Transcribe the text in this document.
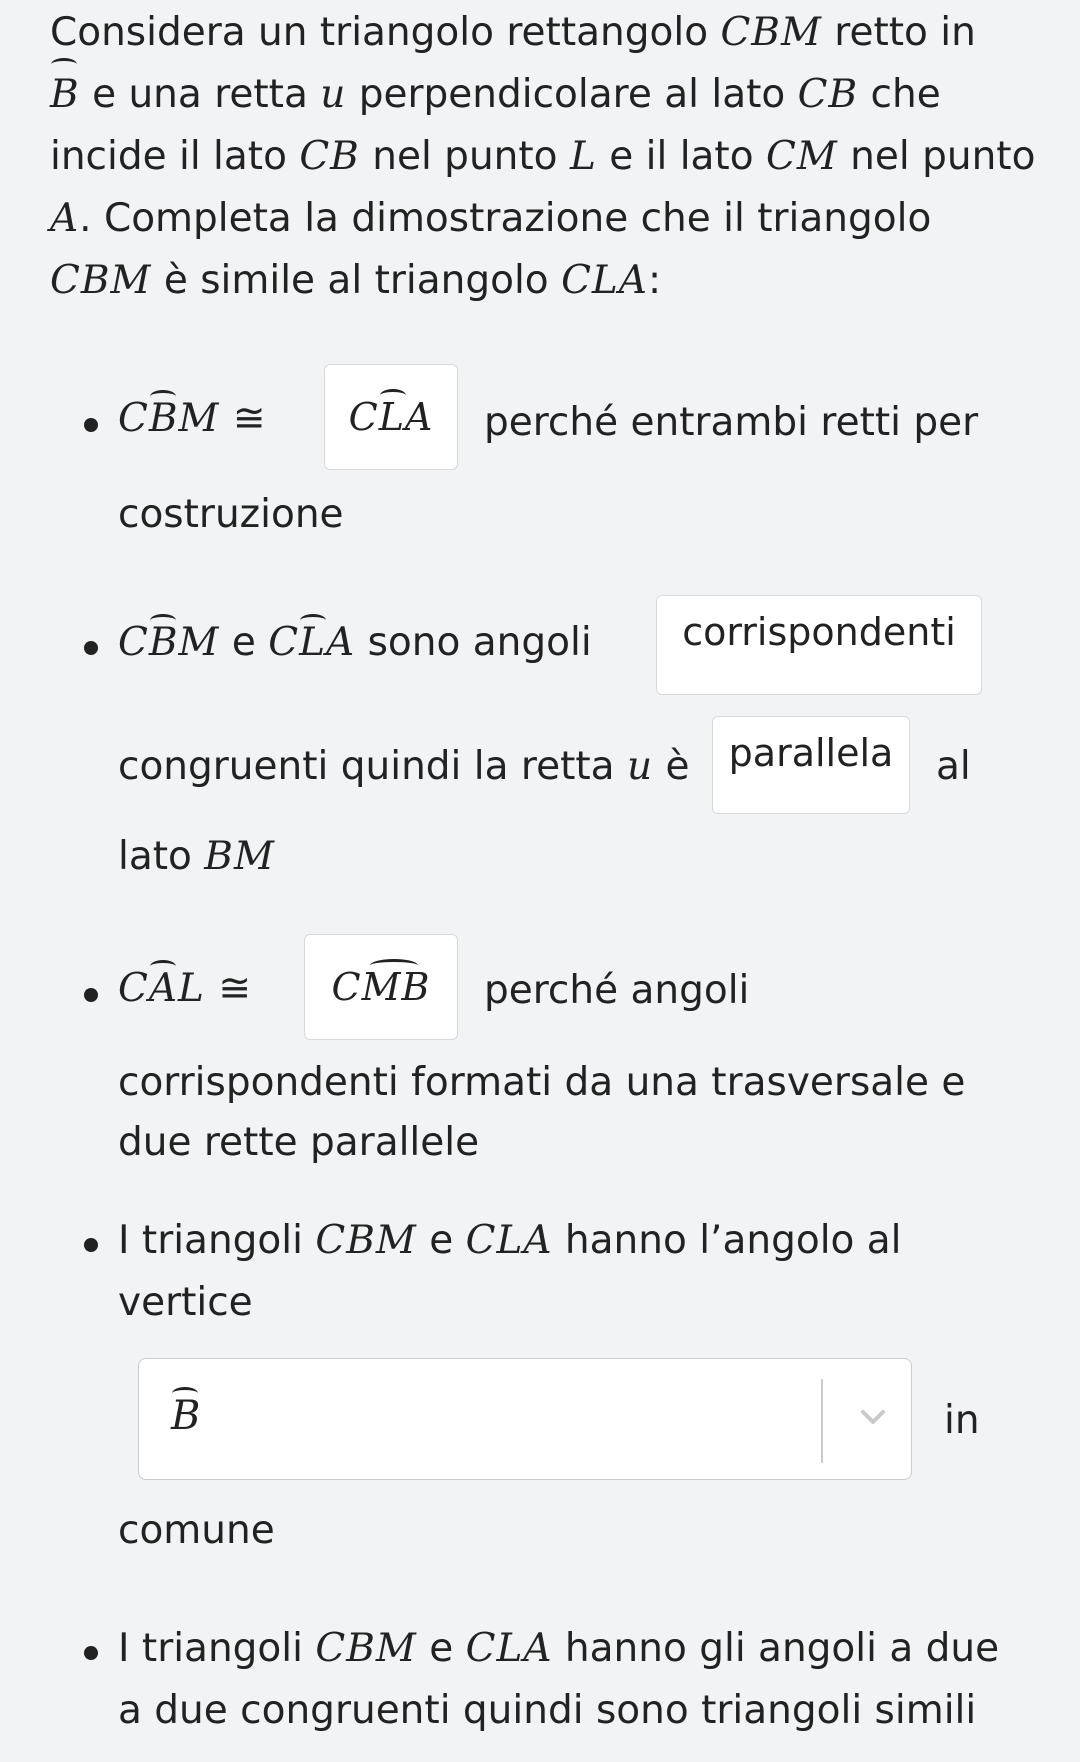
Considera un triangolo rettangolo CBM retto in
B e una retta u perpendicolare al lato CB che incide il lato CB nel punto L e il lato CM nel punto A. Completa la dimostrazione che il triangolo CBM è simile al triangolo CLA:
CBM ≅ C L A perché entrambi retti per
costruzione
CBM e CLA sono angoli	corrispondenti
congruenti quindi la retta u è	parallela	al
lato BM
CAL ≅ C MB perché angoli
corrispondenti formati da una trasversale e
due rette parallele
I triangoli CBM e CLA hanno l’angolo al
vertice
B	in
comune
I triangoli CBM e CLA hanno gli angoli a due
a due congruenti quindi sono triangoli simili
